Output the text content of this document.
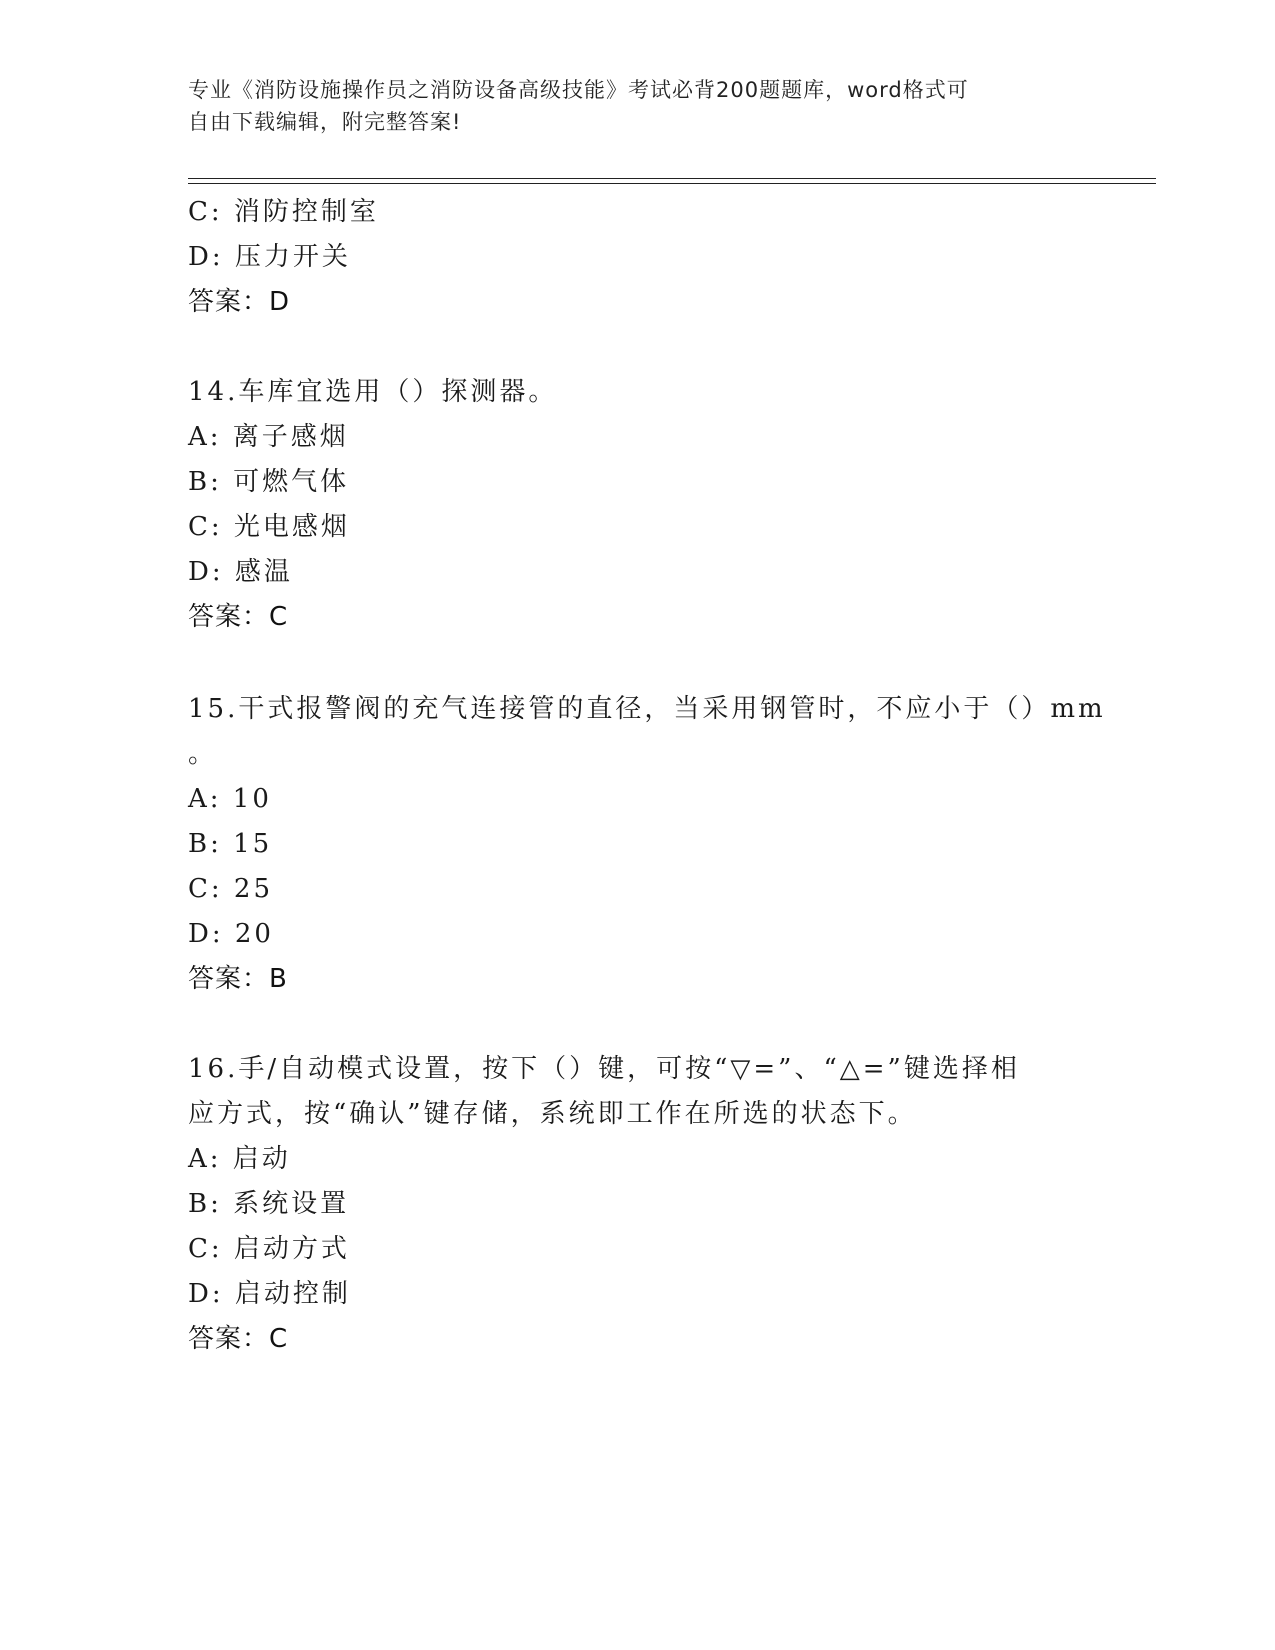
专业《消防设施操作员之消防设备高级技能》考试必背200题题库，word格式可
自由下载编辑，附完整答案!
C: 消防控制室
D: 压力开关
答案：D
14.车库宜选用（）探测器。
A: 离子感烟
B: 可燃气体
C: 光电感烟
D: 感温
答案：C
15.干式报警阀的充气连接管的直径，当采用钢管时，不应小于（）mm
。
A: 10
B: 15
C: 25
D: 20
答案：B
16.手/自动模式设置，按下（）键，可按“▽=”、“△=”键选择相
应方式，按“确认”键存储，系统即工作在所选的状态下。
A: 启动
B: 系统设置
C: 启动方式
D: 启动控制
答案：C
